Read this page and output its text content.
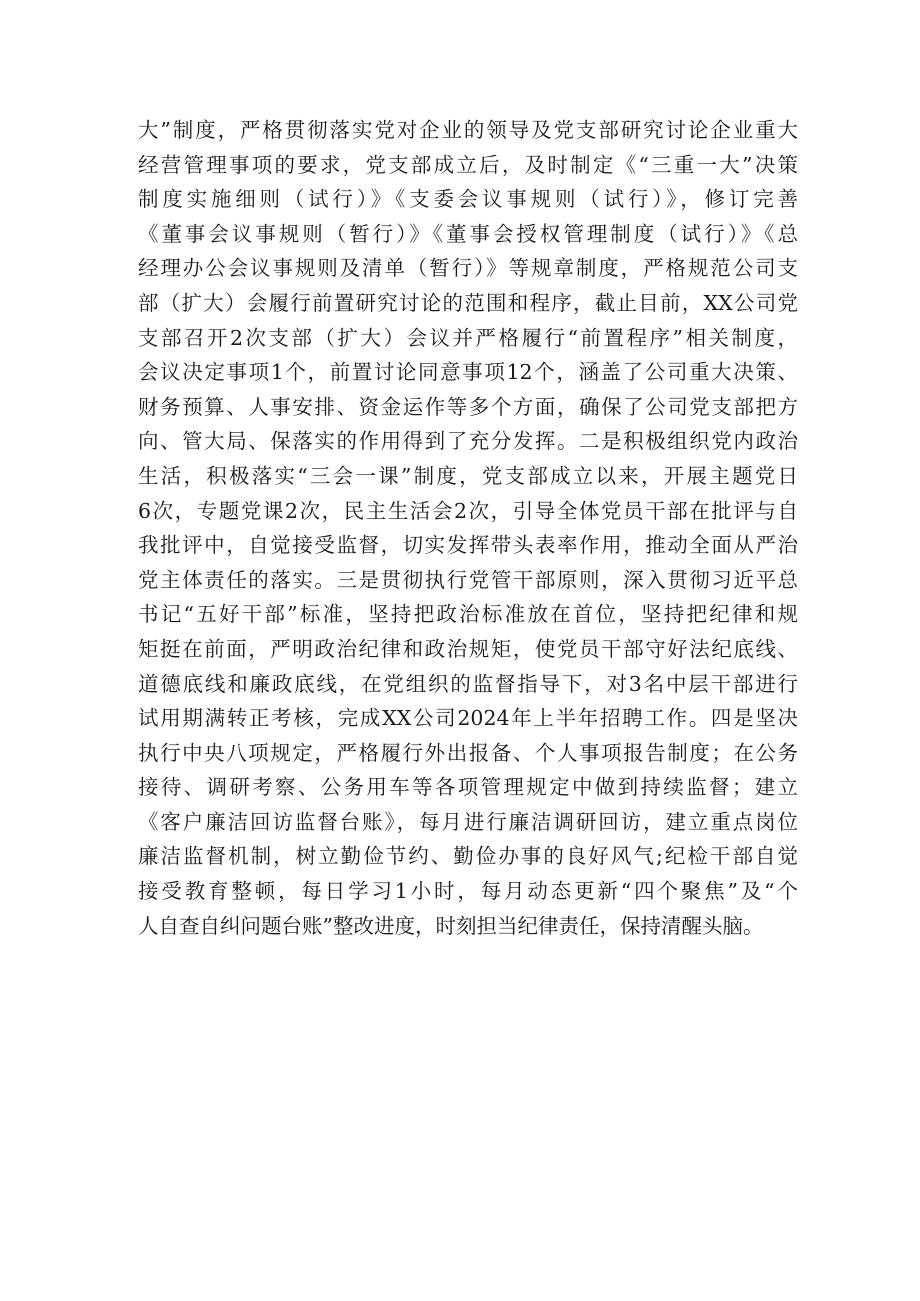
大”制度，严格贯彻落实党对企业的领导及党支部研究讨论企业重大
经营管理事项的要求，党支部成立后，及时制定《“三重一大”决策
制度实施细则（试行）》《支委会议事规则（试行）》，修订完善
《董事会议事规则（暂行）》《董事会授权管理制度（试行）》《总
经理办公会议事规则及清单（暂行）》等规章制度，严格规范公司支
部（扩大）会履行前置研究讨论的范围和程序，截止目前，XX公司党
支部召开2次支部（扩大）会议并严格履行“前置程序”相关制度，
会议决定事项1个，前置讨论同意事项12个，涵盖了公司重大决策、
财务预算、人事安排、资金运作等多个方面，确保了公司党支部把方
向、管大局、保落实的作用得到了充分发挥。二是积极组织党内政治
生活，积极落实“三会一课”制度，党支部成立以来，开展主题党日
6次，专题党课2次，民主生活会2次，引导全体党员干部在批评与自
我批评中，自觉接受监督，切实发挥带头表率作用，推动全面从严治
党主体责任的落实。三是贯彻执行党管干部原则，深入贯彻习近平总
书记“五好干部”标准，坚持把政治标准放在首位，坚持把纪律和规
矩挺在前面，严明政治纪律和政治规矩，使党员干部守好法纪底线、
道德底线和廉政底线，在党组织的监督指导下，对3名中层干部进行
试用期满转正考核，完成XX公司2024年上半年招聘工作。四是坚决
执行中央八项规定，严格履行外出报备、个人事项报告制度；在公务
接待、调研考察、公务用车等各项管理规定中做到持续监督；建立
《客户廉洁回访监督台账》，每月进行廉洁调研回访，建立重点岗位
廉洁监督机制，树立勤俭节约、勤俭办事的良好风气;纪检干部自觉
接受教育整顿，每日学习1小时，每月动态更新“四个聚焦”及“个
人自查自纠问题台账”整改进度，时刻担当纪律责任，保持清醒头脑。
